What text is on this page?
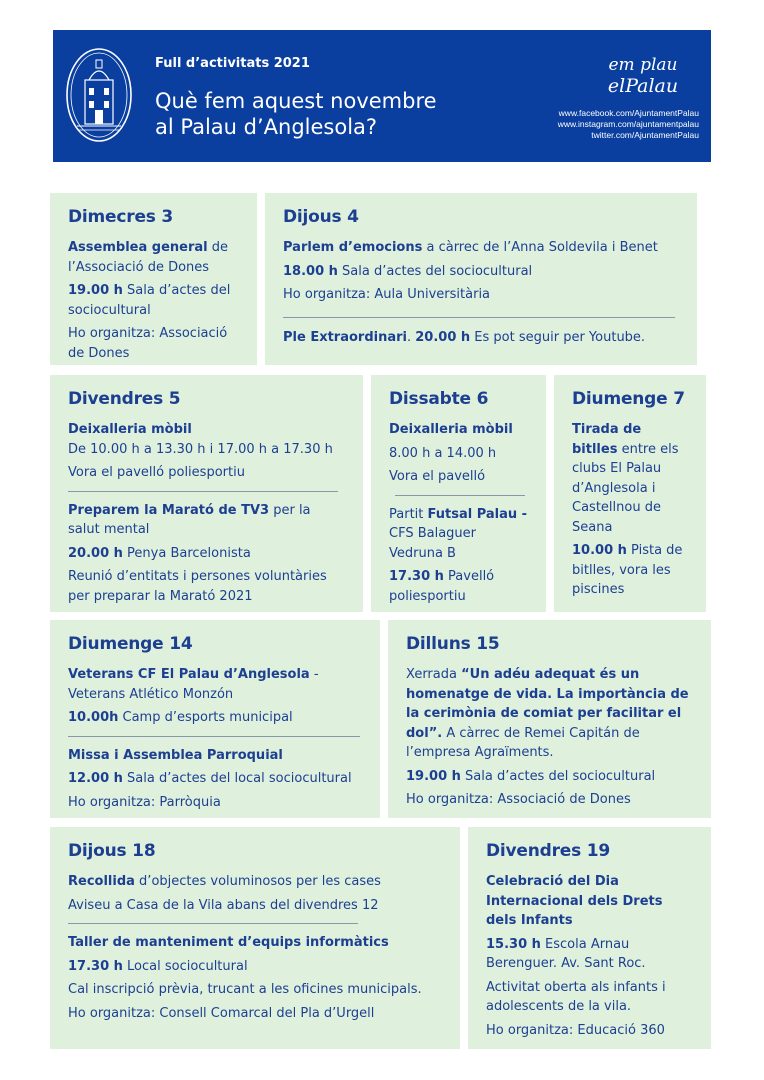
Full d’activitats 2021
Què fem aquest novembre
al Palau d’Anglesola?
em plau
elPalau
www.facebook.com/AjuntamentPalau
www.instagram.com/ajuntamentpalau
twitter.com/AjuntamentPalau
Dimecres 3

Assemblea general de l’Associació de Dones

19.00 h Sala d’actes del sociocultural

Ho organitza: Associació de Dones

Dijous 4

Parlem d’emocions a càrrec de l’Anna Soldevila i Benet

18.00 h Sala d’actes del sociocultural

Ho organitza: Aula Universitària

Ple Extraordinari. 20.00 h Es pot seguir per Youtube.

Divendres 5

Deixalleria mòbil

De 10.00 h a 13.30 h i 17.00 h a 17.30 h

Vora el pavelló poliesportiu

Preparem la Marató de TV3 per la salut mental

20.00 h Penya Barcelonista

Reunió d’entitats i persones voluntàries per preparar la Marató 2021

Dissabte 6

Deixalleria mòbil

8.00 h a 14.00 h

Vora el pavelló

Partit Futsal Palau - CFS Balaguer Vedruna B

17.30 h Pavelló poliesportiu

Diumenge 7

Tirada de bitlles entre els clubs El Palau d’Anglesola i Castellnou de Seana

10.00 h Pista de bitlles, vora les piscines

Diumenge 14

Veterans CF El Palau d’Anglesola - Veterans Atlético Monzón

10.00h Camp d’esports municipal

Missa i Assemblea Parroquial

12.00 h Sala d’actes del local sociocultural

Ho organitza: Parròquia

Dilluns 15

Xerrada “Un adéu adequat és un homenatge de vida. La importància de la cerimònia de comiat per facilitar el dol”. A càrrec de Remei Capitán de l’empresa Agraïments.

19.00 h Sala d’actes del sociocultural

Ho organitza: Associació de Dones

Dijous 18

Recollida d’objectes voluminosos per les cases

Aviseu a Casa de la Vila abans del divendres 12

Taller de manteniment d’equips informàtics

17.30 h Local sociocultural

Cal inscripció prèvia, trucant a les oficines municipals.

Ho organitza: Consell Comarcal del Pla d’Urgell

Divendres 19

Celebració del Dia Internacional dels Drets dels Infants

15.30 h Escola Arnau Berenguer. Av. Sant Roc.

Activitat oberta als infants i adolescents de la vila.

Ho organitza: Educació 360
